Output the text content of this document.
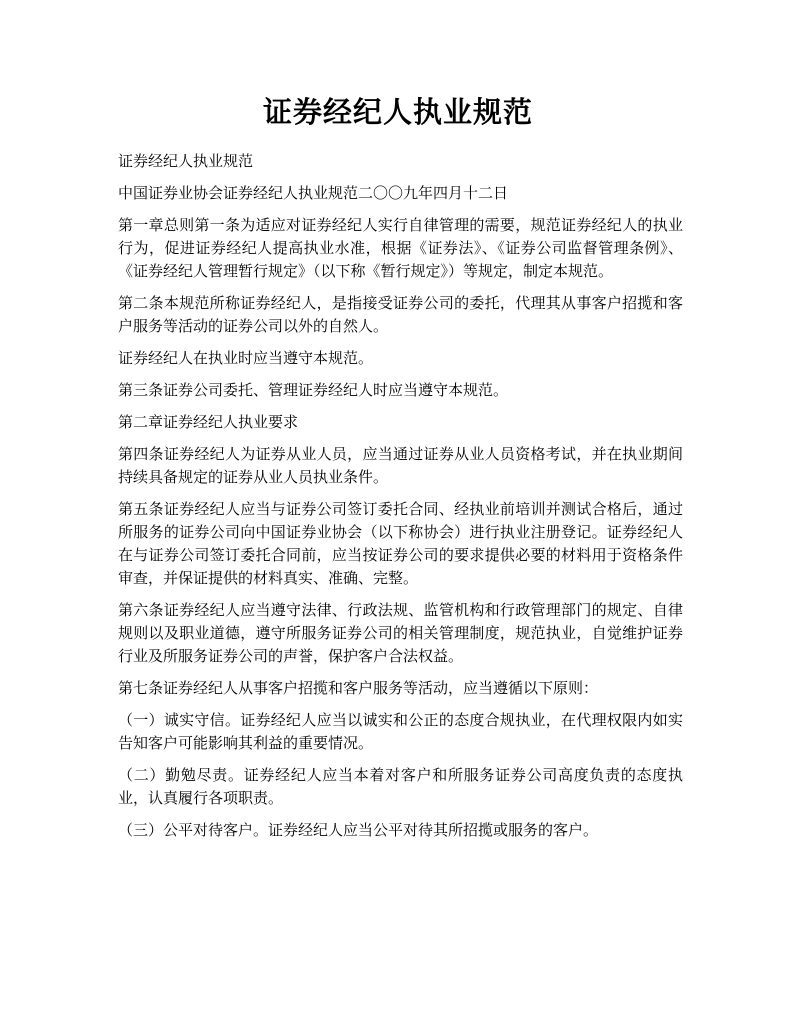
证券经纪人执业规范

证券经纪人执业规范

中国证券业协会证券经纪人执业规范二〇〇九年四月十二日

第一章总则第一条为适应对证券经纪人实行自律管理的需要，规范证券经纪人的执业行为，促进证券经纪人提高执业水准，根据《证券法》、《证券公司监督管理条例》、《证券经纪人管理暂行规定》（以下称《暂行规定》）等规定，制定本规范。

第二条本规范所称证券经纪人，是指接受证券公司的委托，代理其从事客户招揽和客户服务等活动的证券公司以外的自然人。

证券经纪人在执业时应当遵守本规范。

第三条证券公司委托、管理证券经纪人时应当遵守本规范。

第二章证券经纪人执业要求

第四条证券经纪人为证券从业人员，应当通过证券从业人员资格考试，并在执业期间持续具备规定的证券从业人员执业条件。

第五条证券经纪人应当与证券公司签订委托合同、经执业前培训并测试合格后，通过所服务的证券公司向中国证券业协会（以下称协会）进行执业注册登记。证券经纪人在与证券公司签订委托合同前，应当按证券公司的要求提供必要的材料用于资格条件审查，并保证提供的材料真实、准确、完整。

第六条证券经纪人应当遵守法律、行政法规、监管机构和行政管理部门的规定、自律规则以及职业道德，遵守所服务证券公司的相关管理制度，规范执业，自觉维护证券行业及所服务证券公司的声誉，保护客户合法权益。

第七条证券经纪人从事客户招揽和客户服务等活动，应当遵循以下原则：

（一）诚实守信。证券经纪人应当以诚实和公正的态度合规执业，在代理权限内如实告知客户可能影响其利益的重要情况。

（二）勤勉尽责。证券经纪人应当本着对客户和所服务证券公司高度负责的态度执业，认真履行各项职责。

（三）公平对待客户。证券经纪人应当公平对待其所招揽或服务的客户。
